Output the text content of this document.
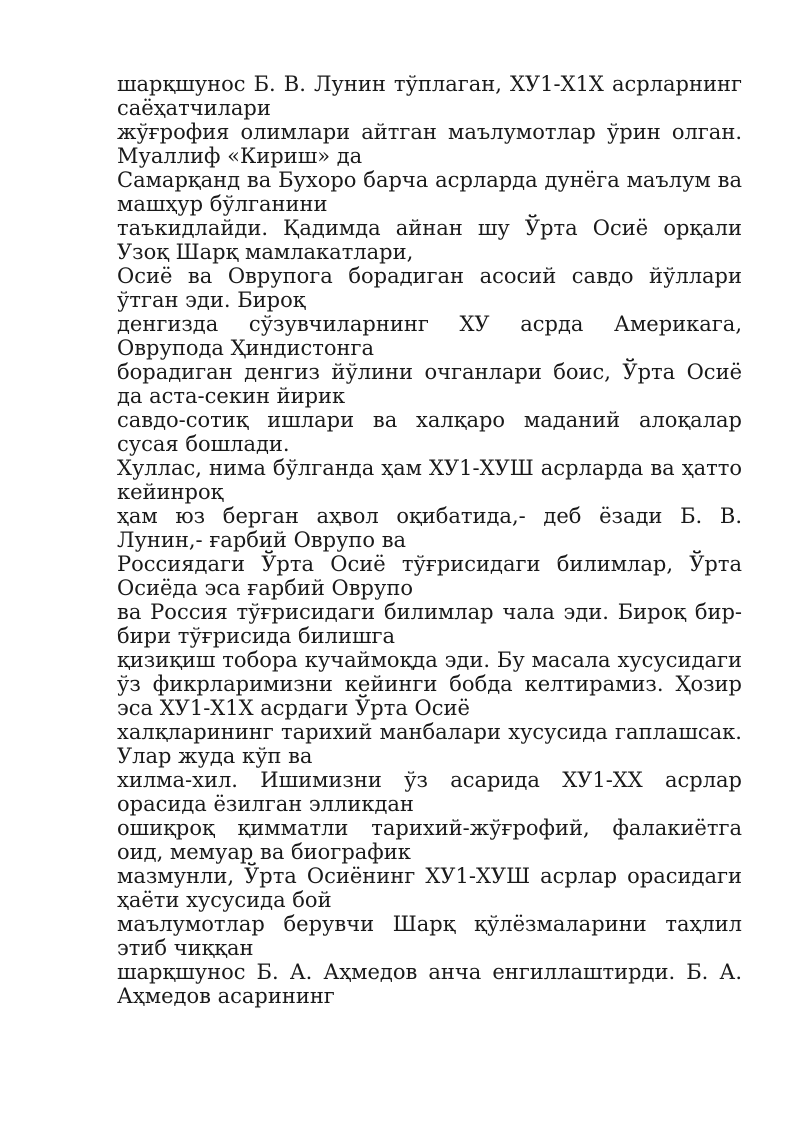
шарқшунос Б. В. Лунин тўплаган, ХУ1-Х1Х асрларнинг саёҳатчилари

жўғрофия олимлари айтган маълумотлар ўрин олган. Муаллиф «Кириш» да

Самарқанд ва Бухоро барча асрларда дунёга маълум ва машҳур бўлганини

таъкидлайди. Қадимда айнан шу Ўрта Осиё орқали Узоқ Шарқ мамлакатлари,

Осиё ва Оврупога борадиган асосий савдо йўллари ўтган эди. Бироқ

денгизда сўзувчиларнинг ХУ асрда Америкага, Оврупода Ҳиндистонга

борадиган денгиз йўлини очганлари боис, Ўрта Осиё да аста-секин йирик

савдо-сотиқ ишлари ва халқаро маданий алоқалар сусая бошлади.

Хуллас, нима бўлганда ҳам ХУ1-ХУШ асрларда ва ҳатто кейинроқ

ҳам юз берган аҳвол оқибатида,- деб ёзади Б. В. Лунин,- ғарбий Оврупо ва

Россиядаги Ўрта Осиё тўғрисидаги билимлар, Ўрта Осиёда эса ғарбий Оврупо

ва Россия тўғрисидаги билимлар чала эди. Бироқ бир-бири тўғрисида билишга

қизиқиш тобора кучаймоқда эди. Бу масала хусусидаги ўз фикрларимизни кейинги бобда келтирамиз. Ҳозир эса ХУ1-Х1Х асрдаги Ўрта Осиё

халқларининг тарихий манбалари хусусида гаплашсак. Улар жуда кўп ва

хилма-хил. Ишимизни ўз асарида ХУ1-ХХ асрлар орасида ёзилган элликдан

ошиқроқ қимматли тарихий-жўғрофий, фалакиётга оид, мемуар ва биографик

мазмунли, Ўрта Осиёнинг ХУ1-ХУШ асрлар орасидаги ҳаёти хусусида бой

маълумотлар берувчи Шарқ қўлёзмаларини таҳлил этиб чиққан

шарқшунос Б. А. Аҳмедов анча енгиллаштирди. Б. А. Аҳмедов асарининг
